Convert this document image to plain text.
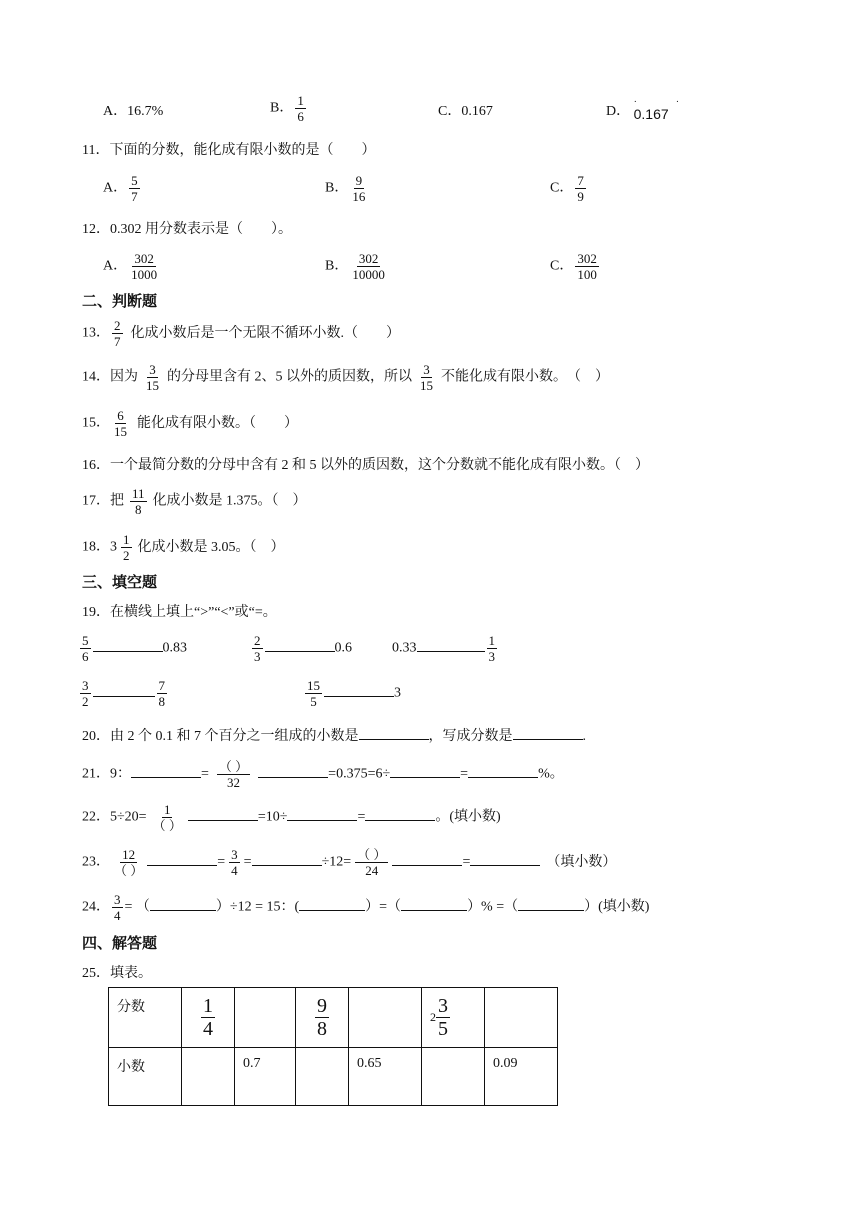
A．16.7%	B． $\frac{1}{6}$	C．0.167	D．
· ·
0.167
11．下面的分数，能化成有限小数的是（　　）
A． $\frac{5}{7}$	B． $\frac{9}{16}$	C． $\frac{7}{9}$
12．0.302 用分数表示是（　　）。
A． $\frac{302}{1000}$	B． $\frac{302}{10000}$	C． $\frac{302}{100}$
二、判断题
13． $\frac{2}{7}$ 化成小数后是一个无限不循环小数.（　　）
14．因为 $\frac{3}{15}$ 的分母里含有 2、5 以外的质因数，所以 $\frac{3}{15}$ 不能化成有限小数。　（　）
15． $\frac{6}{15}$ 能化成有限小数。（　　）
16．一个最简分数的分母中含有 2 和 5 以外的质因数，这个分数就不能化成有限小数。（　）
17．把 $\frac{11}{8}$ 化成小数是 1.375。（　）
18．$3 \frac{1}{2}$ 化成小数是 3.05。（　）
三、填空题
19．在横线上填上“>”“<”或“=。
$\frac{5}{6}$	0.83	$\frac{2}{3}$	0.6	0.33	$\frac{1}{3}$
$\frac{3}{2}$	$\frac{7}{8}$	$\frac{15}{5}$	3
20．由 2 个 0.1 和 7 个百分之一组成的小数是	，写成分数是	.
21．9：	= $\frac{( )}{32}$	=0.375=6÷	=	%。
22．$5\div 20= \frac{1}{( )}$	=10÷	=	。(填小数)
23． $\frac{12}{( )}$	= $\frac{3}{4}$ =	$\div 12= \frac{( )}{24}$	=	（填小数）
24． $\frac{3}{4}$ = （	）÷12 = 15：(	）=（	）% =（	）(填小数)
四、解答题
25．填表。
分数	$\frac{1}{4}$		$\frac{9}{8}$		$2 \frac{3}{5}$

小数		0.7		0.65		0.09
